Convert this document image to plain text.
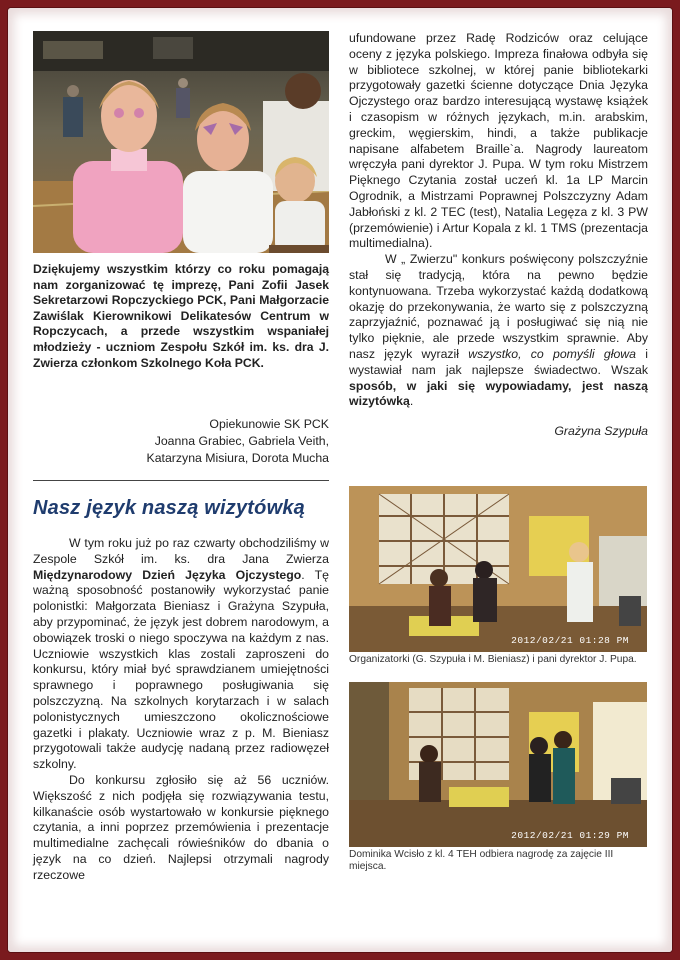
Dziękujemy wszystkim którzy co roku pomagają nam zorganizować tę imprezę, Pani Zofii Jasek Sekretarzowi Ropczyckiego PCK, Pani Małgorzacie Zawiślak Kierownikowi Delikatesów Centrum w Ropczycach, a przede wszystkim wspaniałej młodzieży - uczniom Zespołu Szkół im. ks. dra J. Zwierza członkom Szkolnego Koła PCK.

Opiekunowie SK PCK

Joanna Grabiec, Gabriela Veith,

Katarzyna Misiura, Dorota Mucha

Nasz język naszą wizytówką

W tym roku już po raz czwarty obchodziliśmy w Zespole Szkół im. ks. dra Jana Zwierza Międzynarodowy Dzień Języka Ojczystego. Tę ważną sposobność postanowiły wykorzystać panie polonistki: Małgorzata Bieniasz i Grażyna Szypuła, aby przypominać, że język jest dobrem narodowym, a obowiązek troski o niego spoczywa na każdym z nas. Uczniowie wszystkich klas zostali zaproszeni do konkursu, który miał być sprawdzianem umiejętności sprawnego i poprawnego posługiwania się polszczyzną. Na szkolnych korytarzach i w salach polonistycznych umieszczono okolicznościowe gazetki i plakaty. Uczniowie wraz z p. M. Bieniasz przygotowali także audycję nadaną przez radiowęzeł szkolny.

Do konkursu zgłosiło się aż 56 uczniów. Większość z nich podjęła się rozwiązywania testu, kilkanaście osób wystartowało w konkursie pięknego czytania, a inni poprzez przemówienia i prezentacje multimedialne zachęcali rówieśników do dbania o język na co dzień. Najlepsi otrzymali nagrody rzeczowe

ufundowane przez Radę Rodziców oraz celujące oceny z języka polskiego. Impreza finałowa odbyła się w bibliotece szkolnej, w której panie bibliotekarki przygotowały gazetki ścienne dotyczące Dnia Języka Ojczystego oraz bardzo interesującą wystawę książek i czasopism w różnych językach, m.in. arabskim, greckim, węgierskim, hindi, a także publikacje napisane alfabetem Braille`a. Nagrody laureatom wręczyła pani dyrektor J. Pupa. W tym roku Mistrzem Pięknego Czytania został uczeń kl. 1a LP Marcin Ogrodnik, a Mistrzami Poprawnej Polszczyzny Adam Jabłoński z kl. 2 TEC (test), Natalia Legęza z kl. 3 PW (przemówienie) i Artur Kopala z kl. 1 TMS (prezentacja multimedialna).

W „ Zwierzu" konkurs poświęcony polszczyźnie stał się tradycją, która na pewno będzie kontynuowana. Trzeba wykorzystać każdą dodatkową okazję do przekonywania, że warto się z polszczyzną zaprzyjaźnić, poznawać ją i posługiwać się nią nie tylko pięknie, ale przede wszystkim sprawnie. Aby nasz język wyraził wszystko, co pomyśli głowa i wystawiał nam jak najlepsze świadectwo. Wszak sposób, w jaki się wypowiadamy, jest naszą wizytówką.

Grażyna Szypuła

2012/02/21 01:28 PM
Organizatorki (G. Szypuła i M. Bieniasz) i pani dyrektor J. Pupa.
2012/02/21 01:29 PM
Dominika Wcisło z kl. 4 TEH odbiera nagrodę za zajęcie III miejsca.
